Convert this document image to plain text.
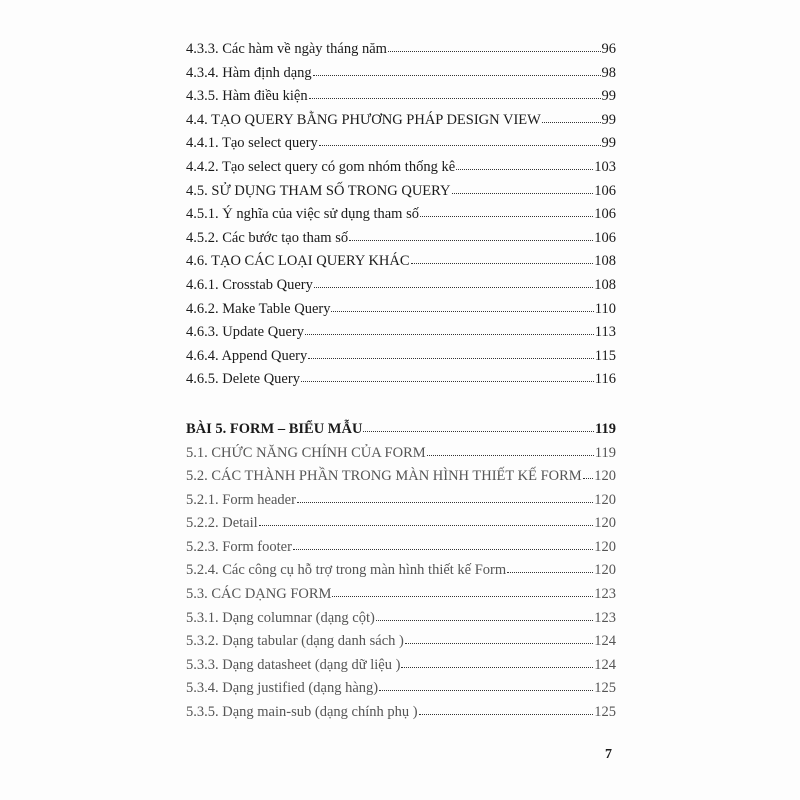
4.3.3. Các hàm về ngày tháng năm	96
4.3.4. Hàm định dạng	98
4.3.5. Hàm điều kiện	99
4.4. TẠO QUERY BẰNG PHƯƠNG PHÁP DESIGN VIEW	99
4.4.1. Tạo select query	99
4.4.2. Tạo select query có gom nhóm thống kê	103
4.5. SỬ DỤNG THAM SỐ TRONG QUERY	106
4.5.1. Ý nghĩa của việc sử dụng tham số	106
4.5.2. Các bước tạo tham số	106
4.6. TẠO CÁC LOẠI QUERY KHÁC	108
4.6.1. Crosstab Query	108
4.6.2. Make Table Query	110
4.6.3. Update Query	113
4.6.4. Append Query	115
4.6.5. Delete Query	116
BÀI 5. FORM – BIỂU MẪU	119
5.1. CHỨC NĂNG CHÍNH CỦA FORM	119
5.2. CÁC THÀNH PHẦN TRONG MÀN HÌNH THIẾT KẾ FORM 120
5.2.1. Form header	120
5.2.2. Detail	120
5.2.3. Form footer	120
5.2.4. Các công cụ hỗ trợ trong màn hình thiết kế Form	120
5.3. CÁC DẠNG FORM	123
5.3.1. Dạng columnar (dạng cột)	123
5.3.2. Dạng tabular (dạng danh sách )	124
5.3.3. Dạng datasheet (dạng dữ liệu )	124
5.3.4. Dạng justified (dạng hàng)	125
5.3.5. Dạng main-sub (dạng chính phụ )	125
7
